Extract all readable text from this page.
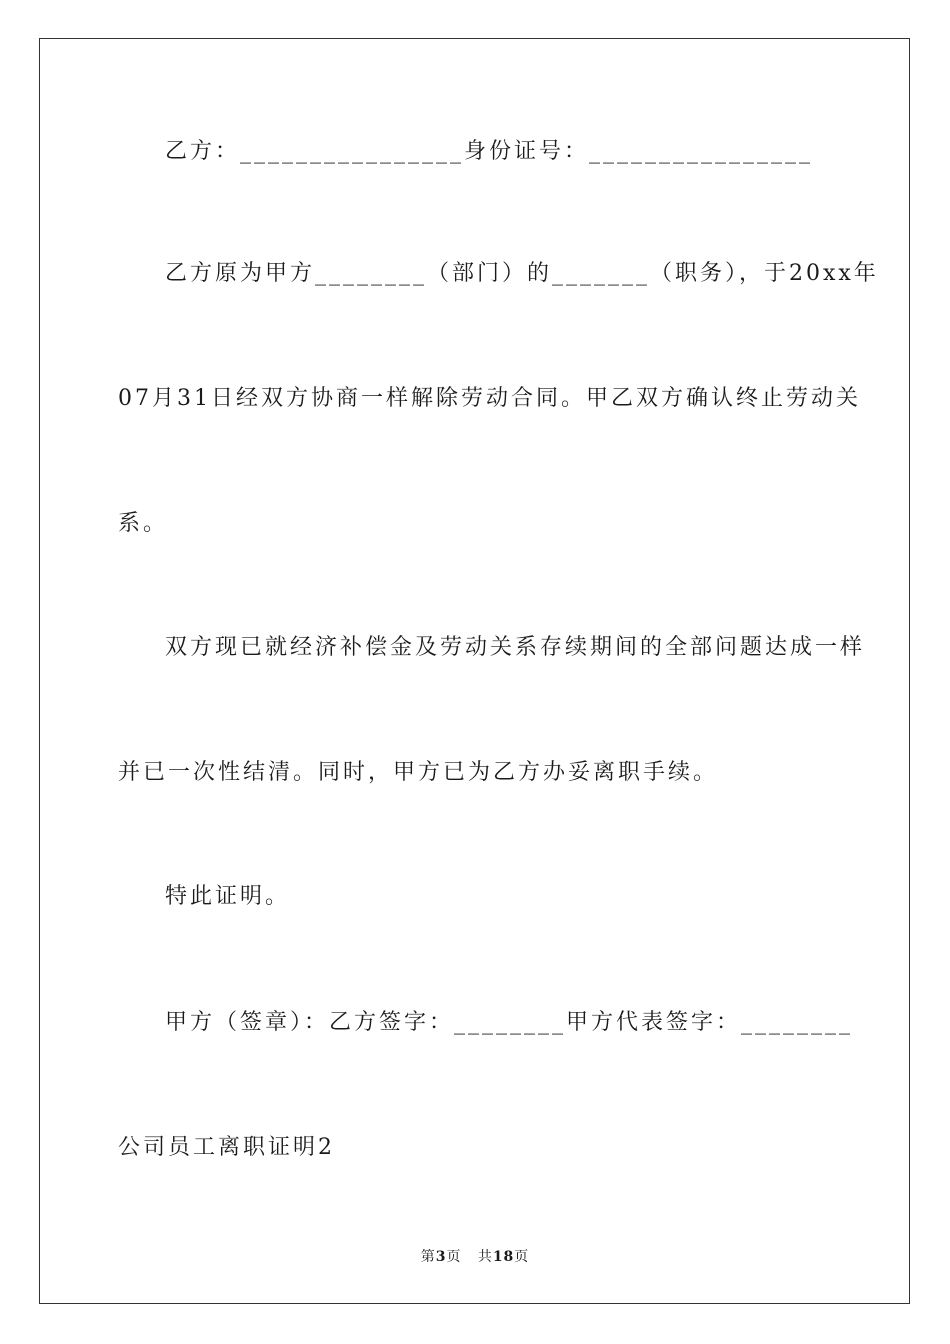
乙方：________________身份证号：________________
乙方原为甲方________（部门）的_______（职务），于20xx年
07月31日经双方协商一样解除劳动合同。甲乙双方确认终止劳动关
系。
双方现已就经济补偿金及劳动关系存续期间的全部问题达成一样
并已一次性结清。同时，甲方已为乙方办妥离职手续。
特此证明。
甲方（签章）：乙方签字：________甲方代表签字：________
公司员工离职证明2
第3页 共18页
